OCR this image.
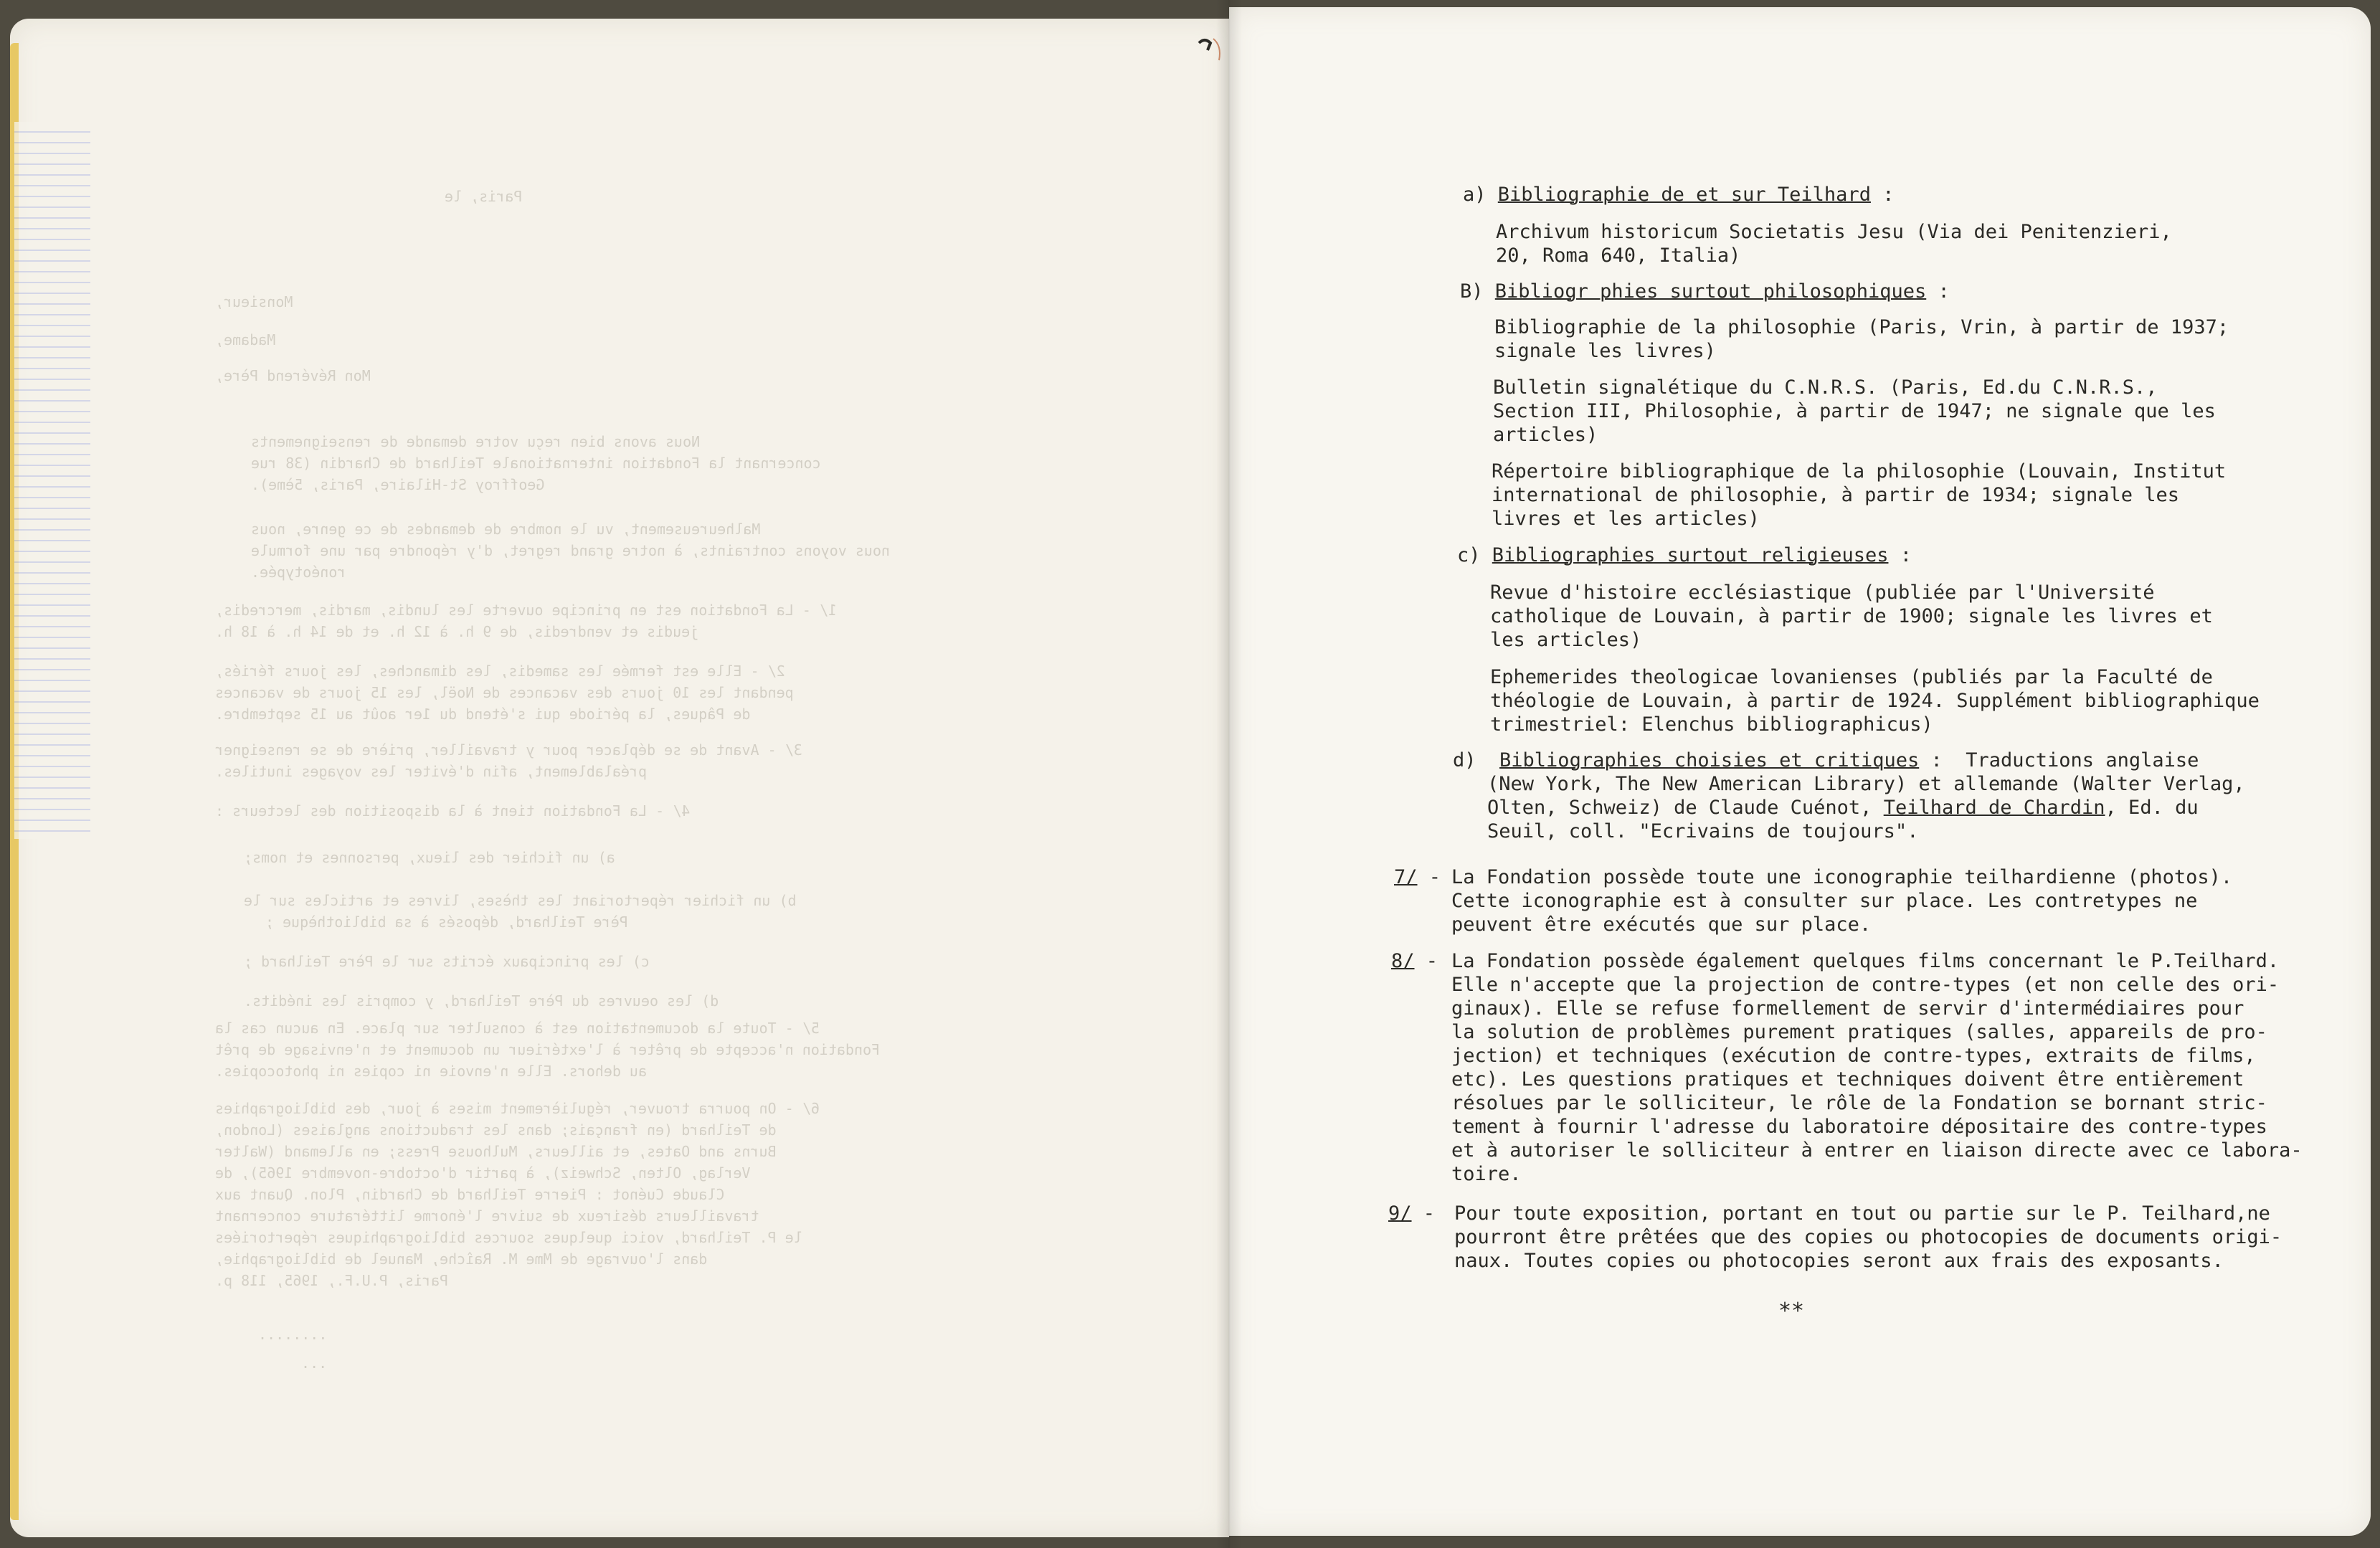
Paris, le
Monsieur,
Madame,
Mon Révérend Père,
Nous avons bien reçu votre demande de renseignements
concernant la Fondation internationale Teilhard de Chardin (38 rue
Geoffroy St-Hilaire, Paris, 5ème).
Malheureusement, vu le nombre de demandes de ce genre, nous
nous voyons contraints, à notre grand regret, d'y répondre par une formule
ronéotypée.
1/ - La Fondation est en principe ouverte les lundis, mardis, mercredis,
jeudis et vendredis, de 9 h. à 12 h. et de 14 h. à 18 h.
2/ - Elle est fermée les samedis, les dimanches, les jours fériés,
pendant les 10 jours des vacances de Noël, les 15 jours de vacances
de Pâques, la période qui s'étend du 1er août au 15 septembre.
3/ - Avant de se déplacer pour y travailler, prière de se renseigner
préalablement, afin d'éviter les voyages inutiles.
4/ - La Fondation tient à la disposition des lecteurs :
a) un fichier des lieux, personnes et noms;
b) un fichier répertoriant les thèses, livres et articles sur le
Père Teilhard, déposés à sa bibliothèque ;
c) les principaux écrits sur le Père Teilhard ;
d) les oeuvres du Père Teilhard, y compris les inédits.
5/ - Toute la documentation est à consulter sur place. En aucun cas la
Fondation n'accepte de prêter à l'extérieur un document et n'envisage de prêt
au dehors. Elle n'envoie ni copies ni photocopies.
6/ - On pourra trouver, régulièrement mises à jour, des bibliographies
de Teilhard (en français; dans les traductions anglaises (London,
Burns and Oates, et ailleurs, Mulhouse Press; en allemand (Walter
Verlag, Olten, Schweiz), à partir d'octobre-novembre 1965), de
Claude Cuénot : Pierre Teilhard de Chardin, Plon. Quant aux
travailleurs désireux de suivre l'énorme littérature concernant
le P. Teilhard, voici quelques sources bibliographiques répertoriées
dans l'ouvrage de Mme M. Raîche, Manuel de bibliographie,
Paris, P.U.F., 1965, 118 p.
........
...
a) Bibliographie de et sur Teilhard :
Archivum historicum Societatis Jesu (Via dei Penitenzieri,
20, Roma 640, Italia)
B) Bibliogr phies surtout philosophiques :
Bibliographie de la philosophie (Paris, Vrin, à partir de 1937;
signale les livres)
Bulletin signalétique du C.N.R.S. (Paris, Ed.du C.N.R.S.,
Section III, Philosophie, à partir de 1947; ne signale que les
articles)
Répertoire bibliographique de la philosophie (Louvain, Institut
international de philosophie, à partir de 1934; signale les
livres et les articles)
c) Bibliographies surtout religieuses :
Revue d'histoire ecclésiastique (publiée par l'Université
catholique de Louvain, à partir de 1900; signale les livres et
les articles)
Ephemerides theologicae lovanienses (publiés par la Faculté de
théologie de Louvain, à partir de 1924. Supplément bibliographique
trimestriel: Elenchus bibliographicus)
d) Bibliographies choisies et critiques :  Traductions anglaise
(New York, The New American Library) et allemande (Walter Verlag,
Olten, Schweiz) de Claude Cuénot, Teilhard de Chardin, Ed. du
Seuil, coll. "Ecrivains de toujours".
7/ - La Fondation possède toute une iconographie teilhardienne (photos).
Cette iconographie est à consulter sur place. Les contretypes ne
peuvent être exécutés que sur place.
8/ - La Fondation possède également quelques films concernant le P.Teilhard.
Elle n'accepte que la projection de contre-types (et non celle des ori-
ginaux). Elle se refuse formellement de servir d'intermédiaires pour
la solution de problèmes purement pratiques (salles, appareils de pro-
jection) et techniques (exécution de contre-types, extraits de films,
etc). Les questions pratiques et techniques doivent être entièrement
résolues par le solliciteur, le rôle de la Fondation se bornant stric-
tement à fournir l'adresse du laboratoire dépositaire des contre-types
et à autoriser le solliciteur à entrer en liaison directe avec ce labora-
toire.
9/ - Pour toute exposition, portant en tout ou partie sur le P. Teilhard,ne
pourront être prêtées que des copies ou photocopies de documents origi-
naux. Toutes copies ou photocopies seront aux frais des exposants.
**
